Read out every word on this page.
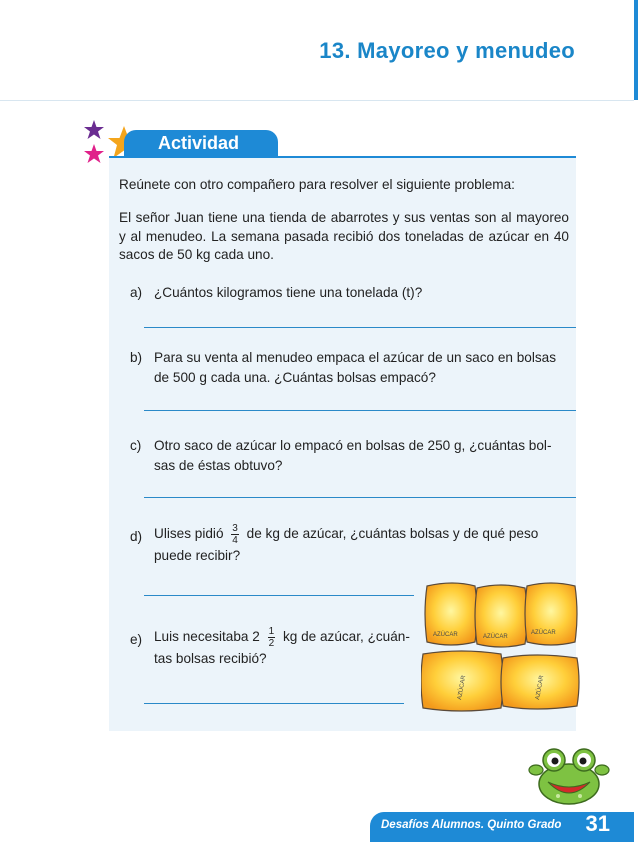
13. Mayoreo y menudeo
Actividad
Reúnete con otro compañero para resolver el siguiente problema:
El señor Juan tiene una tienda de abarrotes y sus ventas son al mayoreo y al menudeo. La semana pasada recibió dos toneladas de azúcar en 40 sacos de 50 kg cada uno.
a) ¿Cuántos kilogramos tiene una tonelada (t)?
b) Para su venta al menudeo empaca el azúcar de un saco en bolsas
de 500 g cada una. ¿Cuántas bolsas empacó?
c) Otro saco de azúcar lo empacó en bolsas de 250 g, ¿cuántas bol-
sas de éstas obtuvo?
d) Ulises pidió $\frac{3}{4}$ de kg de azúcar, ¿cuántas bolsas y de qué peso
puede recibir?
e) Luis necesitaba $2 \frac{1}{2}$ kg de azúcar, ¿cuán-
tas bolsas recibió?
AZÚCAR	AZÚCAR
AZÚCAR
AZÚCAR	AZÚCAR
Desafíos Alumnos. Quinto Grado 31
